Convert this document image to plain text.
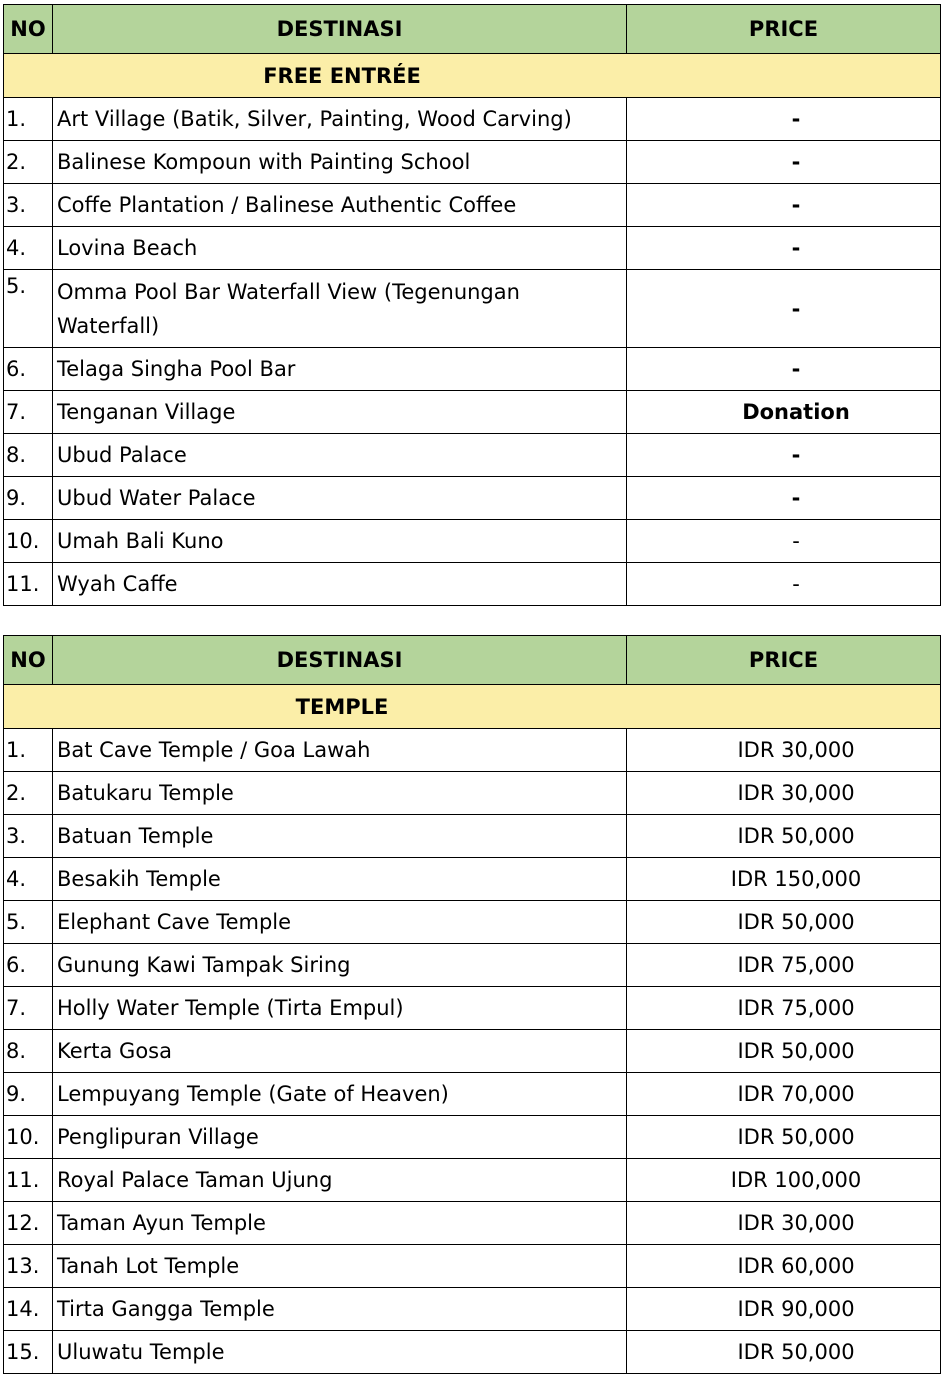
NO	DESTINASI	PRICE

FREE ENTRÉE		

1.	Art Village (Batik, Silver, Painting, Wood Carving)	-
2.	Balinese Kompoun with Painting School	-
3.	Coffe Plantation / Balinese Authentic Coffee	-
4.	Lovina Beach	-
5.	Omma Pool Bar Waterfall View (Tegenungan Waterfall)	-
6.	Telaga Singha Pool Bar	-
7.	Tenganan Village	Donation
8.	Ubud Palace	-
9.	Ubud Water Palace	-
10.	Umah Bali Kuno	-
11.	Wyah Caffe	-
NO	DESTINASI	PRICE

TEMPLE		

1.	Bat Cave Temple / Goa Lawah	IDR 30,000
2.	Batukaru Temple	IDR 30,000
3.	Batuan Temple	IDR 50,000
4.	Besakih Temple	IDR 150,000
5.	Elephant Cave Temple	IDR 50,000
6.	Gunung Kawi Tampak Siring	IDR 75,000
7.	Holly Water Temple (Tirta Empul)	IDR 75,000
8.	Kerta Gosa	IDR 50,000
9.	Lempuyang Temple (Gate of Heaven)	IDR 70,000
10.	Penglipuran Village	IDR 50,000
11.	Royal Palace Taman Ujung	IDR 100,000
12.	Taman Ayun Temple	IDR 30,000
13.	Tanah Lot Temple	IDR 60,000
14.	Tirta Gangga Temple	IDR 90,000
15.	Uluwatu Temple	IDR 50,000
